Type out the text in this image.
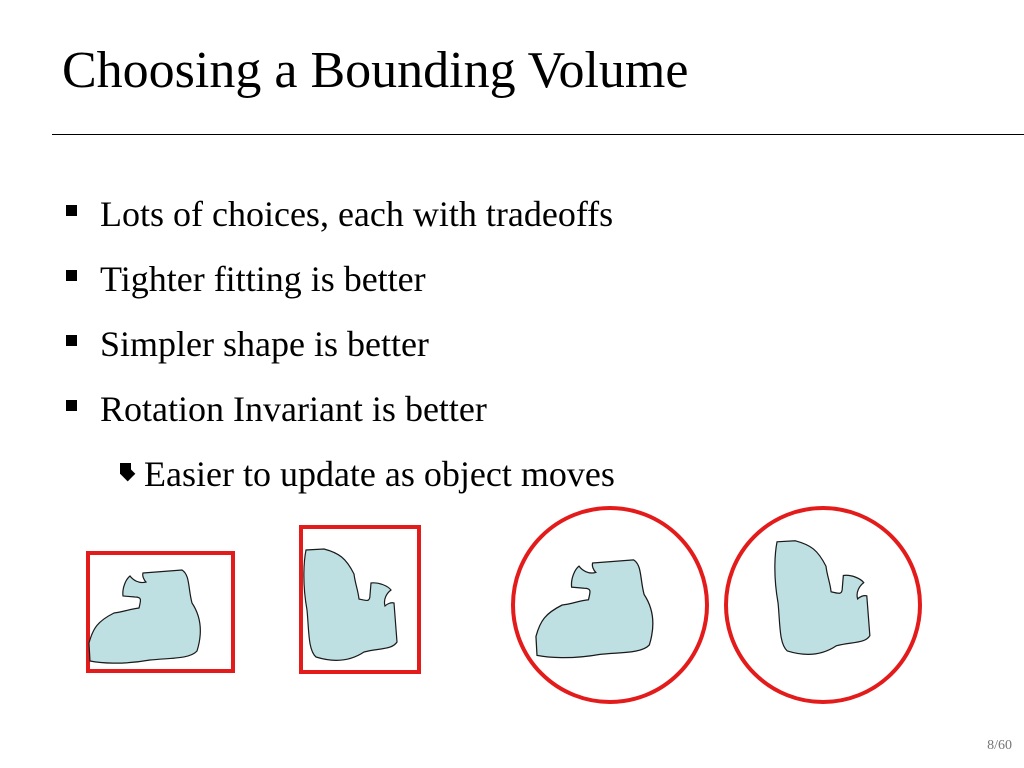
Choosing a Bounding Volume
Lots of choices, each with tradeoffs
Tighter fitting is better
Simpler shape is better
Rotation Invariant is better
◆ Easier to update as object moves
8/60
